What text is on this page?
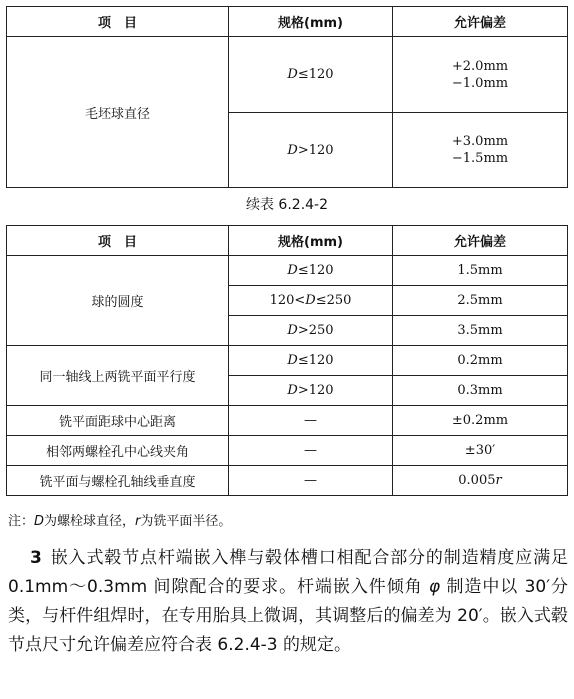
项　目	规格(mm)	允许偏差
毛坯球直径	D≤120	+2.0mm
−1.0mm
	D>120	+3.0mm
−1.5mm
续表 6.2.4-2
项　目	规格(mm)	允许偏差
球的圆度	D≤120	1.5mm
	120<D≤250	2.5mm
	D>250	3.5mm
同一轴线上两铣平面平行度	D≤120	0.2mm
	D>120	0.3mm
铣平面距球中心距离	—	±0.2mm
相邻两螺栓孔中心线夹角	—	±30′
铣平面与螺栓孔轴线垂直度	—	0.005r
注：D为螺栓球直径，r为铣平面半径。
3 嵌入式毂节点杆端嵌入榫与毂体槽口相配合部分的制造精度应满足 0.1mm～0.3mm 间隙配合的要求。杆端嵌入件倾角 φ 制造中以 30′分类，与杆件组焊时，在专用胎具上微调，其调整后的偏差为 20′。嵌入式毂节点尺寸允许偏差应符合表 6.2.4-3 的规定。
